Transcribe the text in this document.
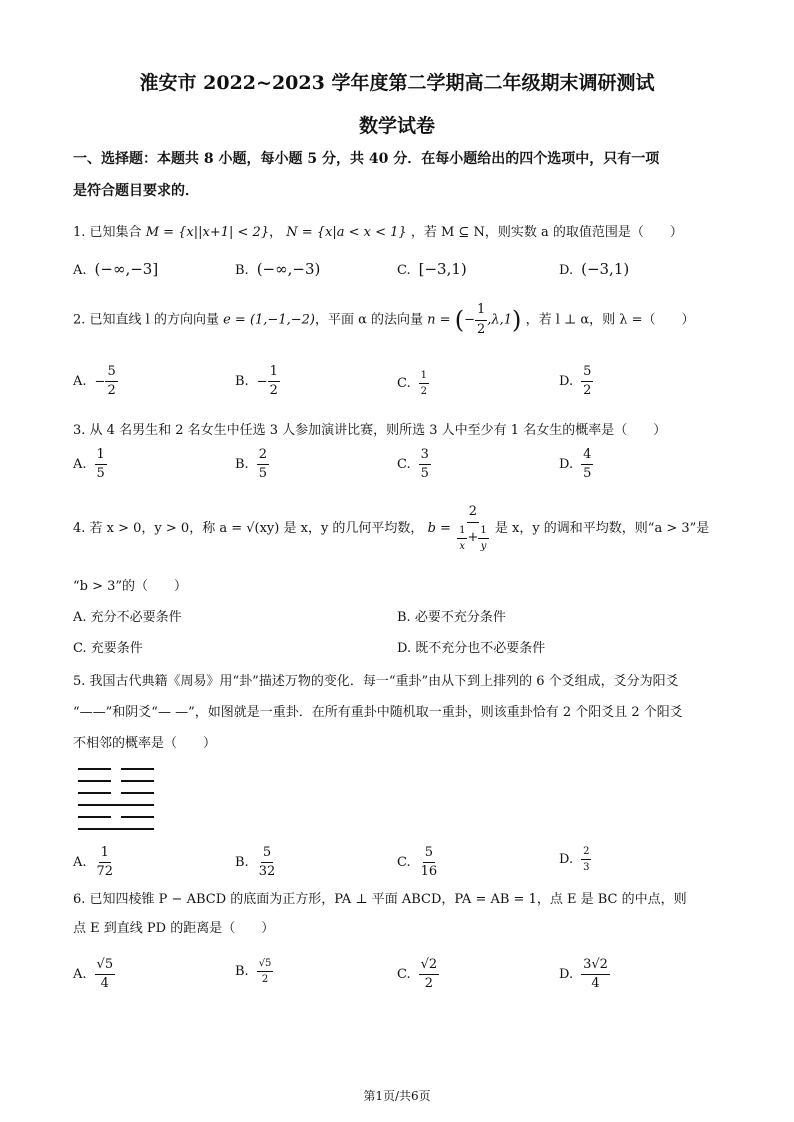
淮安市 2022~2023 学年度第二学期高二年级期末调研测试
数学试卷
一、选择题：本题共 8 小题，每小题 5 分，共 40 分．在每小题给出的四个选项中，只有一项
是符合题目要求的．
1. 已知集合 M = {x||x+1| < 2}， N = {x|a < x < 1} ，若 M ⊆ N，则实数 a 的取值范围是（　　）
A. (−∞,−3]	B. (−∞,−3)	C. [−3,1)	D. (−3,1)
2. 已知直线 l 的方向向量 e = (1,−1,−2)，平面 α 的法向量 n = (− $\frac{1}{2} ,\lambda,1$) ，若 l ⊥ α，则 λ =（　　）
A. − $\frac{5}{2}$	B. − $\frac{1}{2}$	C. $\frac{1}{2}$	D. $\frac{5}{2}$
3. 从 4 名男生和 2 名女生中任选 3 人参加演讲比赛，则所选 3 人中至少有 1 名女生的概率是（　　）
A. $\frac{1}{5}$	B. $\frac{2}{5}$	C. $\frac{3}{5}$	D. $\frac{4}{5}$
4. 若 x > 0，y > 0，称 a = √(xy) 是 x，y 的几何平均数， $b = \frac{2}{\frac{1}{x} + \frac{1}{y}}$ 是 x，y 的调和平均数，则“a > 3”是
“b > 3”的（　　）
A. 充分不必要条件	B. 必要不充分条件
C. 充要条件	D. 既不充分也不必要条件
5. 我国古代典籍《周易》用“卦”描述万物的变化．每一“重卦”由从下到上排列的 6 个爻组成，爻分为阳爻
“——”和阴爻“— —”，如图就是一重卦．在所有重卦中随机取一重卦，则该重卦恰有 2 个阳爻且 2 个阳爻
不相邻的概率是（　　）
A. $\frac{1}{72}$	B. $\frac{5}{32}$	C. $\frac{5}{16}$	D. $\frac{2}{3}$
6. 已知四棱锥 P − ABCD 的底面为正方形，PA ⊥ 平面 ABCD，PA = AB = 1，点 E 是 BC 的中点，则
点 E 到直线 PD 的距离是（　　）
A. $\frac{√5}{4}$	B. $\frac{√5}{2}$	C. $\frac{√2}{2}$	D. $\frac{3√2}{4}$
第1页/共6页
